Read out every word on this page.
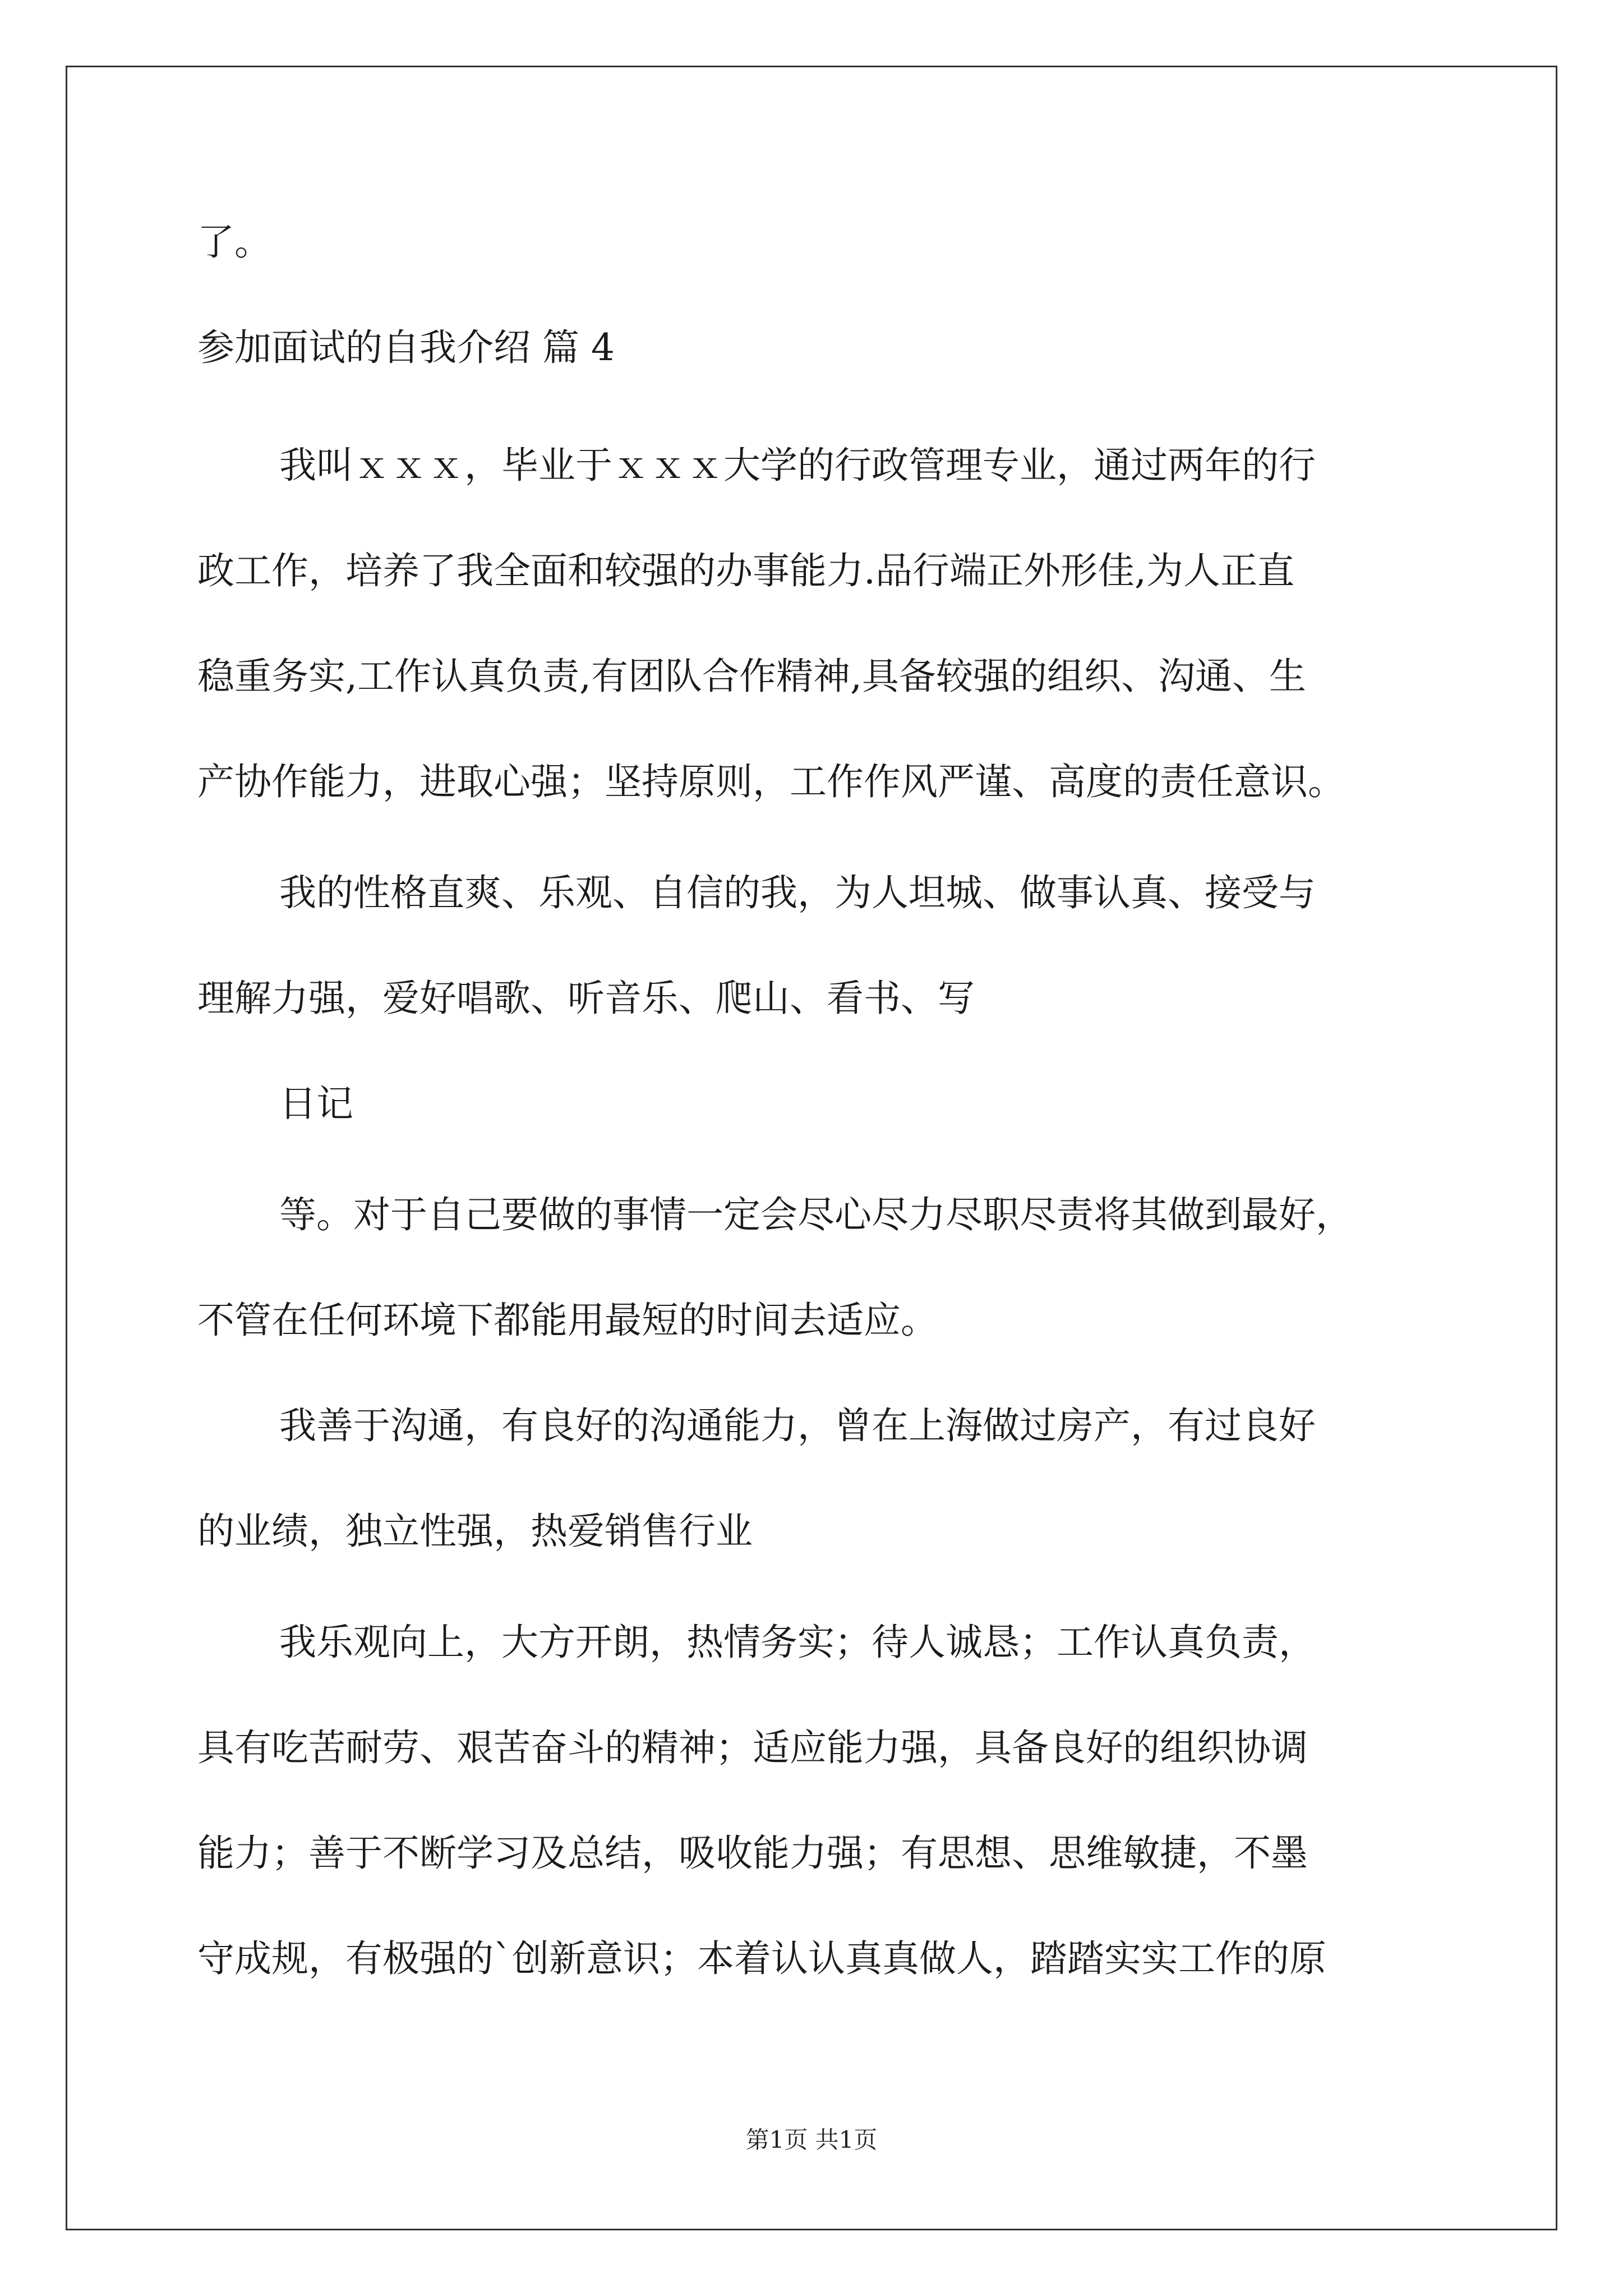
了。
参加面试的自我介绍 篇 4
我叫ｘｘｘ，毕业于ｘｘｘ大学的行政管理专业，通过两年的行
政工作，培养了我全面和较强的办事能力.品行端正外形佳,为人正直
稳重务实,工作认真负责,有团队合作精神,具备较强的组织、沟通、生
产协作能力，进取心强；坚持原则，工作作风严谨、高度的责任意识。
我的性格直爽、乐观、自信的我，为人坦城、做事认真、接受与
理解力强，爱好唱歌、听音乐、爬山、看书、写
日记
等。对于自己要做的事情一定会尽心尽力尽职尽责将其做到最好，
不管在任何环境下都能用最短的时间去适应。
我善于沟通，有良好的沟通能力，曾在上海做过房产，有过良好
的业绩，独立性强，热爱销售行业
我乐观向上，大方开朗，热情务实；待人诚恳；工作认真负责，
具有吃苦耐劳、艰苦奋斗的精神；适应能力强，具备良好的组织协调
能力；善于不断学习及总结，吸收能力强；有思想、思维敏捷，不墨
守成规，有极强的`创新意识；本着认认真真做人，踏踏实实工作的原
第1页 共1页
